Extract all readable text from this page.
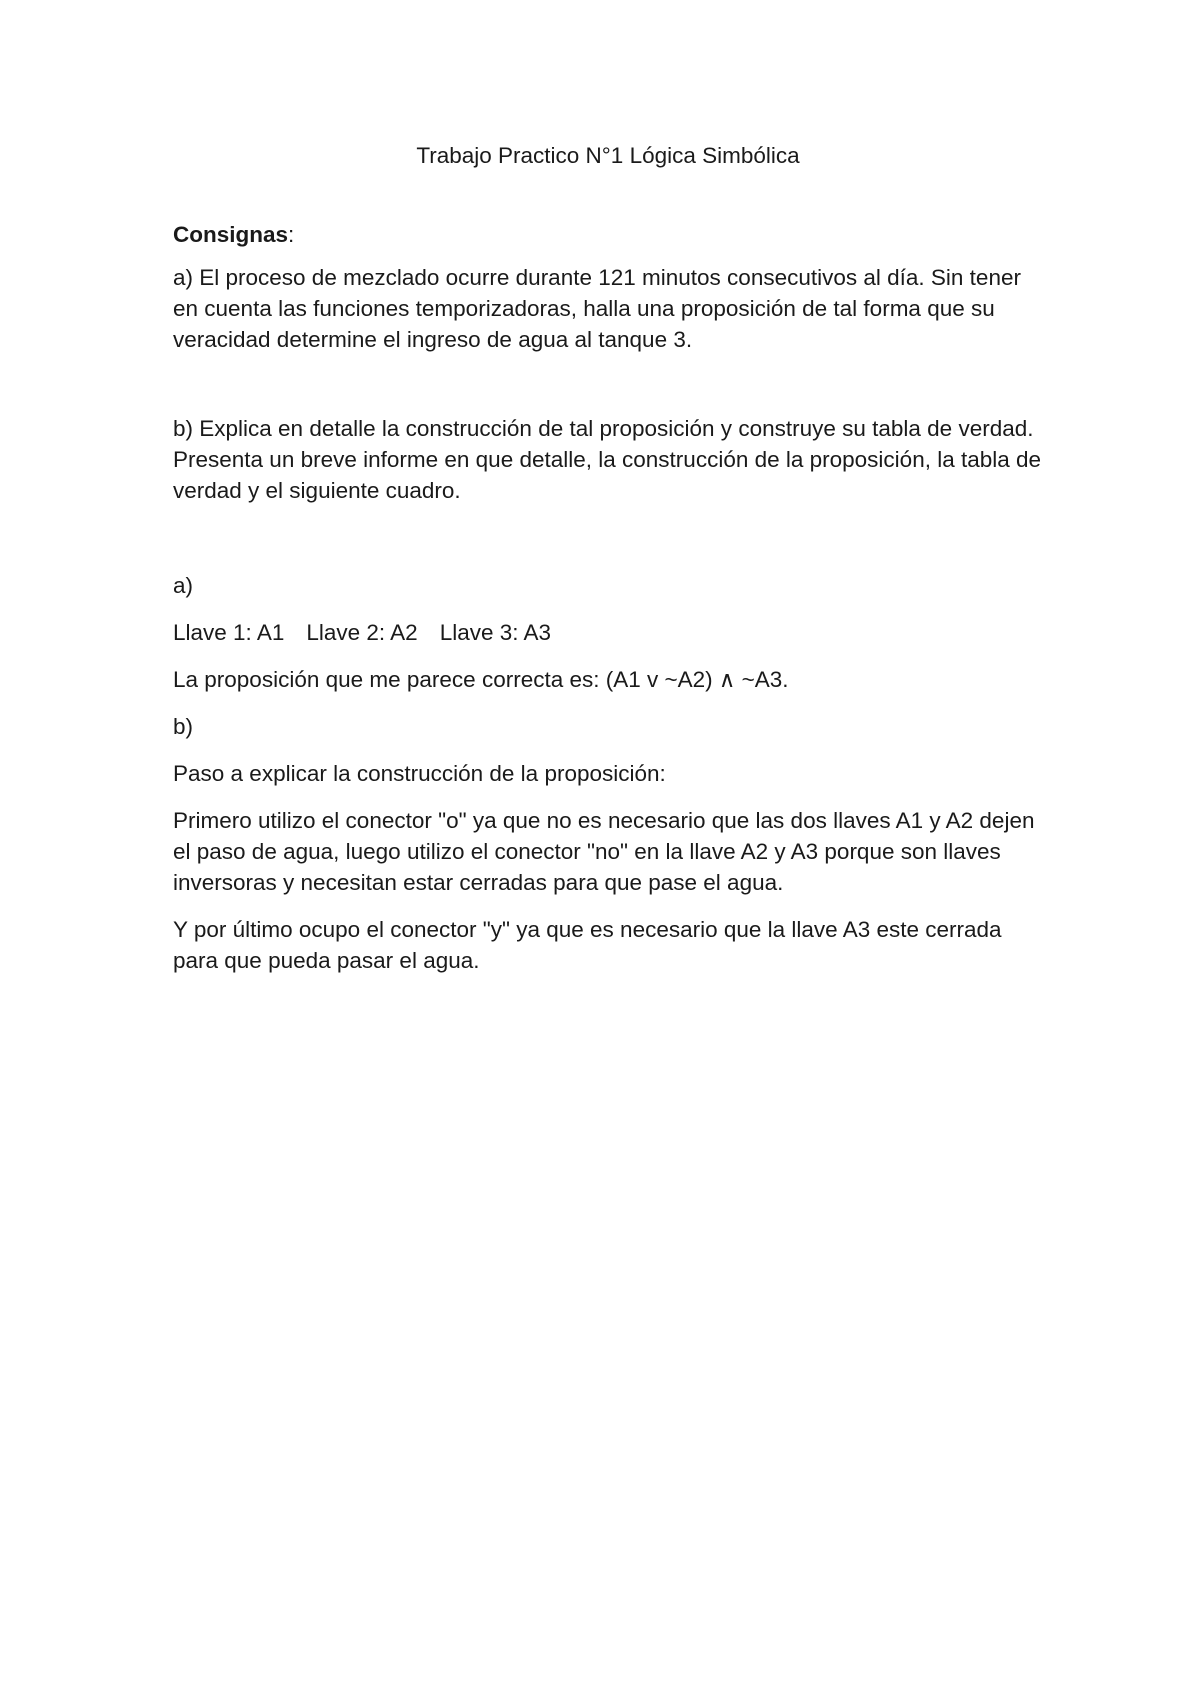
Trabajo Practico N°1 Lógica Simbólica
Consignas:

a) El proceso de mezclado ocurre durante 121 minutos consecutivos al día. Sin tener en cuenta las funciones temporizadoras, halla una proposición de tal forma que su veracidad determine el ingreso de agua al tanque 3.

b) Explica en detalle la construcción de tal proposición y construye su tabla de verdad. Presenta un breve informe en que detalle, la construcción de la proposición, la tabla de verdad y el siguiente cuadro.

a)

Llave 1: A1 Llave 2: A2 Llave 3: A3

La proposición que me parece correcta es: (A1 v ~A2) ∧ ~A3.

b)

Paso a explicar la construcción de la proposición:

Primero utilizo el conector "o" ya que no es necesario que las dos llaves A1 y A2 dejen el paso de agua, luego utilizo el conector "no" en la llave A2 y A3 porque son llaves inversoras y necesitan estar cerradas para que pase el agua.

Y por último ocupo el conector "y" ya que es necesario que la llave A3 este cerrada para que pueda pasar el agua.
